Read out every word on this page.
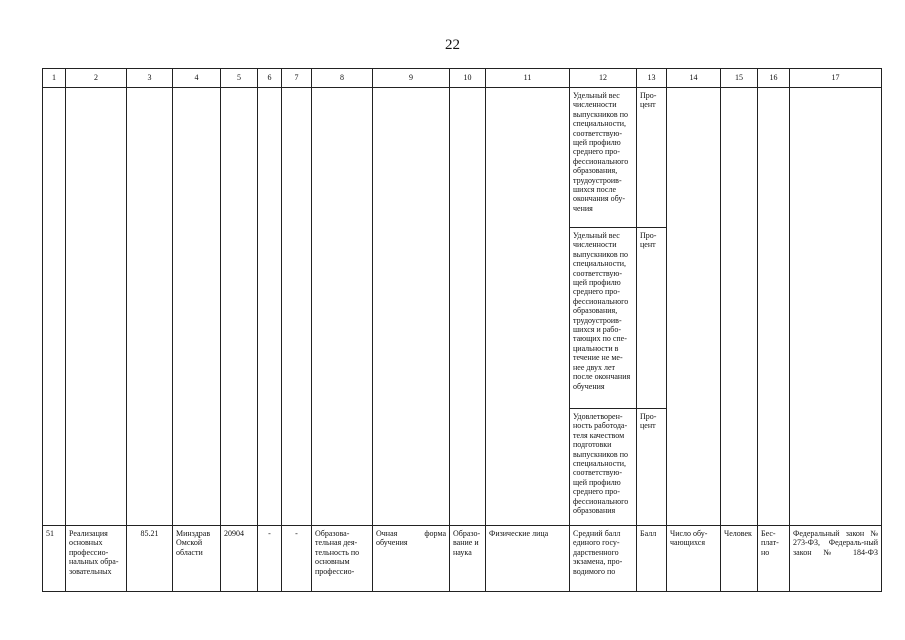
22
1	2	3	4	5	6	7	8	9	10	11	12	13	14	15	16	17
											Удельный вес численности выпускников по специальности, соответствую-щей профилю среднего про-фессионального образования, трудоустроив-шихся после окончания обу-чения	Про-цент				
											Удельный вес численности выпускников по специальности, соответствую-щей профилю среднего про-фессионального образования, трудоустроив-шихся и рабо-тающих по спе-циальности в течение не ме-нее двух лет после окончания обучения	Про-цент				
											Удовлетворен-ность работода-теля качеством подготовки выпускников по специальности, соответствую-щей профилю среднего про-фессионального образования	Про-цент				
51	Реализация основных профессио-нальных обра-зовательных	85.21	Минздрав Омской области	20904	-	-	Образова-тельная дея-тельность по основным профессио-	Очная форма обучения	Образо-вание и наука	Физические лица	Средний балл единого госу-дарственного экзамена, про-водимого по	Балл	Число обу-чающихся	Человек	Бес-плат-но	Федеральный закон № 273-ФЗ, Федераль-ный закон № 184-ФЗ
